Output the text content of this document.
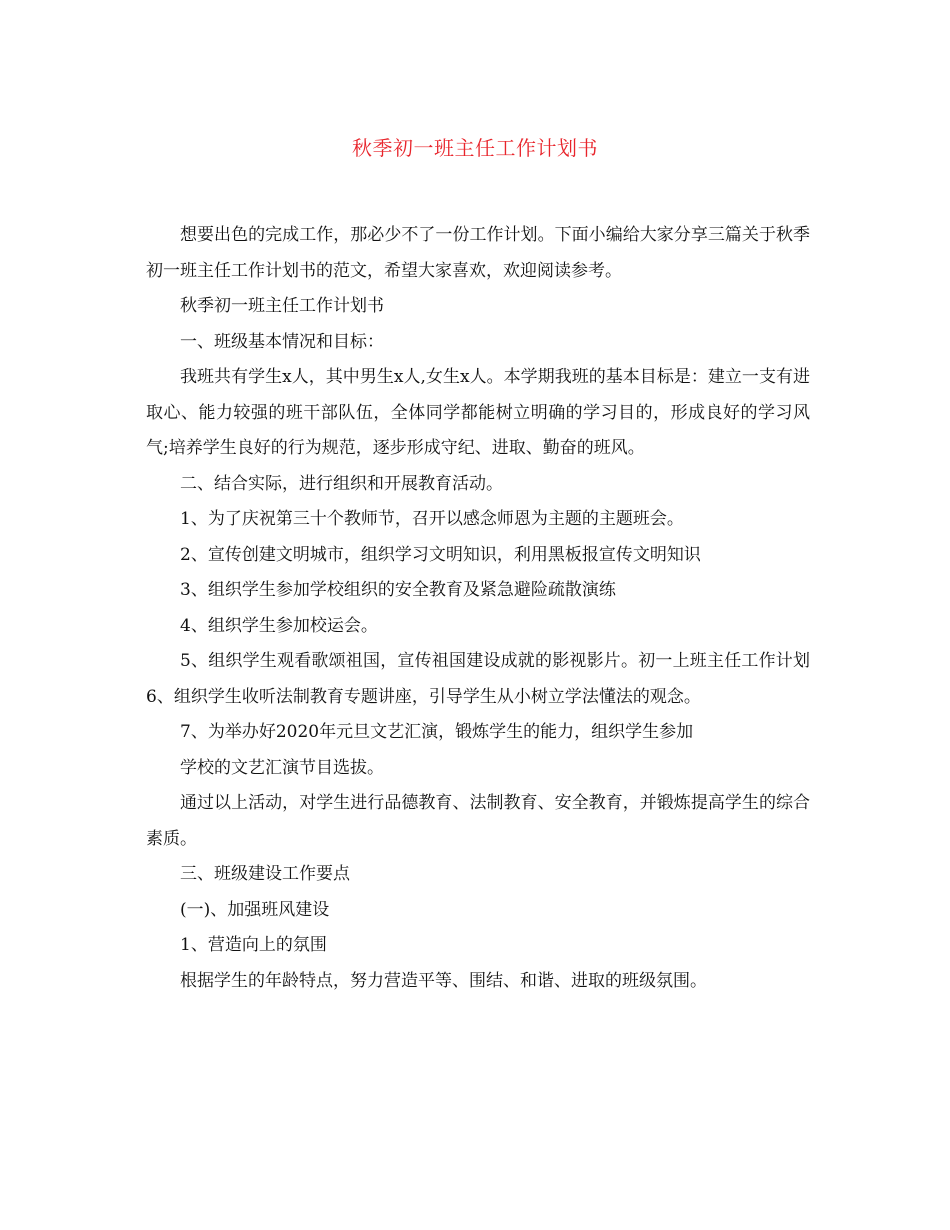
秋季初一班主任工作计划书

想要出色的完成工作，那必少不了一份工作计划。下面小编给大家分享三篇关于秋季初一班主任工作计划书的范文，希望大家喜欢，欢迎阅读参考。

秋季初一班主任工作计划书

一、班级基本情况和目标：

我班共有学生x人，其中男生x人,女生x人。本学期我班的基本目标是：建立一支有进取心、能力较强的班干部队伍，全体同学都能树立明确的学习目的，形成良好的学习风气;培养学生良好的行为规范，逐步形成守纪、进取、勤奋的班风。

二、结合实际，进行组织和开展教育活动。

1、为了庆祝第三十个教师节，召开以感念师恩为主题的主题班会。

2、宣传创建文明城市，组织学习文明知识，利用黑板报宣传文明知识

3、组织学生参加学校组织的安全教育及紧急避险疏散演练

4、组织学生参加校运会。

5、组织学生观看歌颂祖国，宣传祖国建设成就的影视影片。初一上班主任工作计划6、组织学生收听法制教育专题讲座，引导学生从小树立学法懂法的观念。

7、为举办好2020年元旦文艺汇演，锻炼学生的能力，组织学生参加

学校的文艺汇演节目选拔。

通过以上活动，对学生进行品德教育、法制教育、安全教育，并锻炼提高学生的综合素质。

三、班级建设工作要点

(一)、加强班风建设

1、营造向上的氛围

根据学生的年龄特点，努力营造平等、围结、和谐、进取的班级氛围。
